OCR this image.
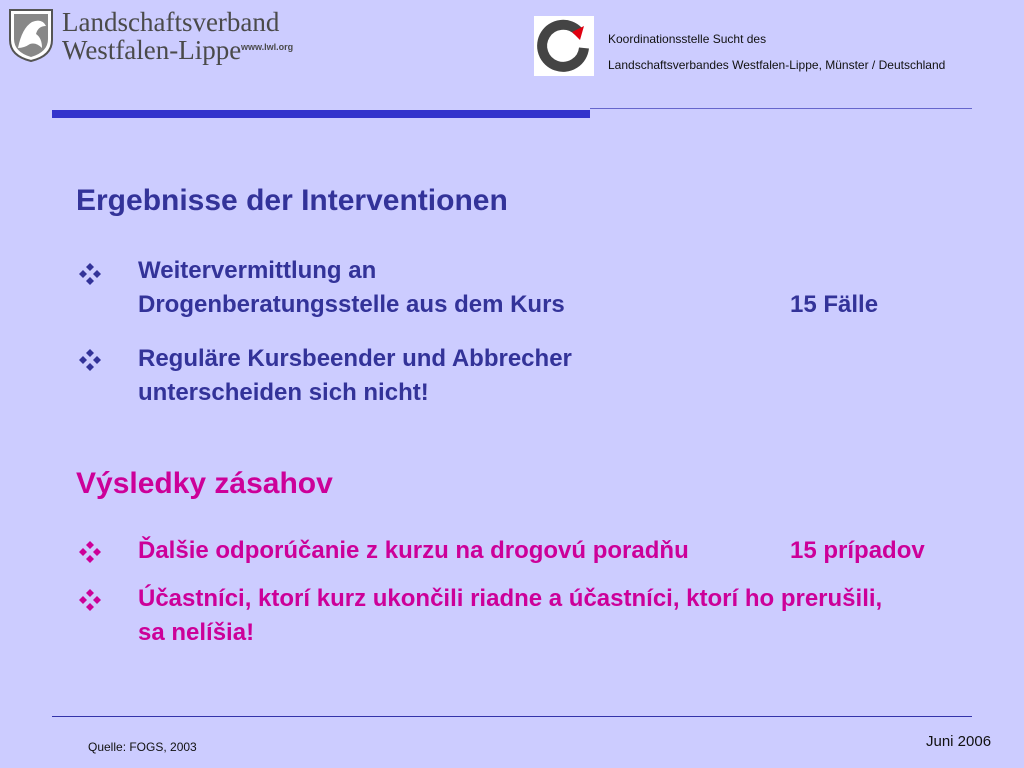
Landschaftsverband
Westfalen-Lippe www.lwl.org
Koordinationsstelle Sucht des
Landschaftsverbandes Westfalen-Lippe, Münster / Deutschland
Ergebnisse der Interventionen
Weitervermittlung an
Drogenberatungsstelle aus dem Kurs	15 Fälle
Reguläre Kursbeender und Abbrecher
unterscheiden sich nicht!
Výsledky zásahov
Ďalšie odporúčanie z kurzu na drogovú poradňu	15 prípadov
Účastníci, ktorí kurz ukončili riadne a účastníci, ktorí ho prerušili,
sa nelíšia!
Quelle: FOGS, 2003	Juni 2006
